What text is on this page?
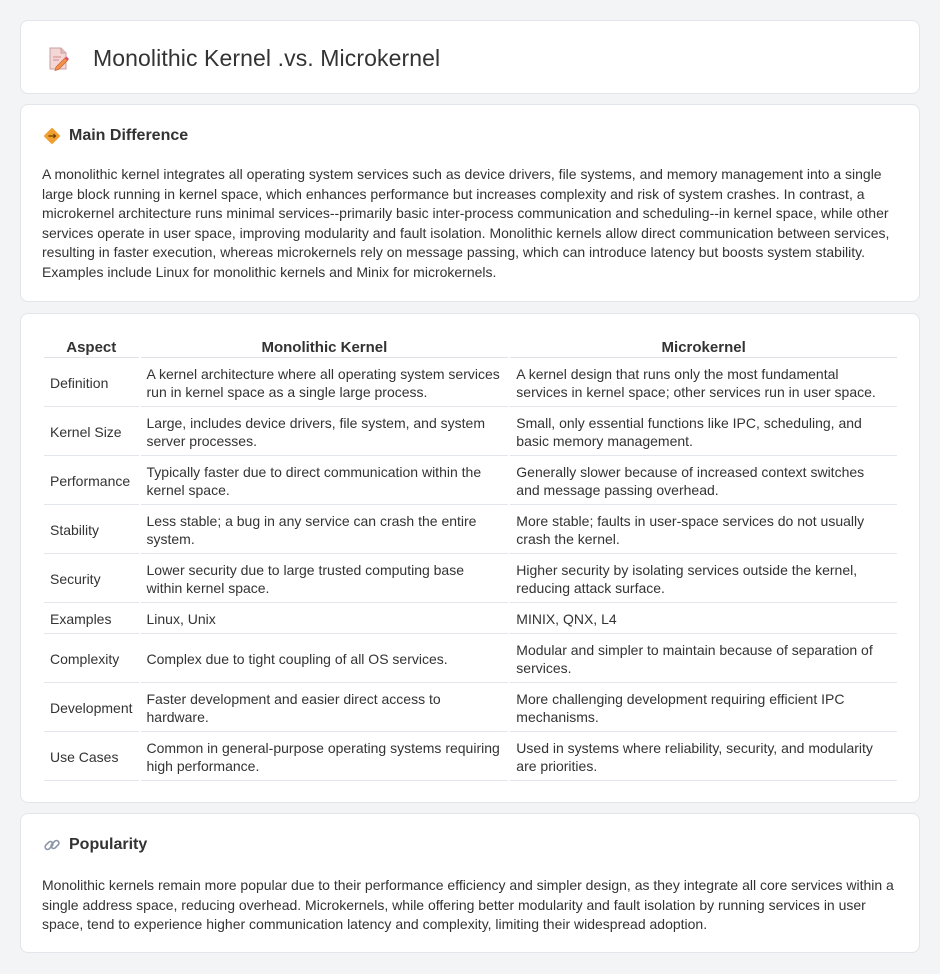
Monolithic Kernel .vs. Microkernel
Main Difference

A monolithic kernel integrates all operating system services such as device drivers, file systems, and memory management into a single large block running in kernel space, which enhances performance but increases complexity and risk of system crashes. In contrast, a microkernel architecture runs minimal services--primarily basic inter-process communication and scheduling--in kernel space, while other services operate in user space, improving modularity and fault isolation. Monolithic kernels allow direct communication between services, resulting in faster execution, whereas microkernels rely on message passing, which can introduce latency but boosts system stability. Examples include Linux for monolithic kernels and Minix for microkernels.

Aspect	Monolithic Kernel	Microkernel
Definition	A kernel architecture where all operating system services run in kernel space as a single large process.	A kernel design that runs only the most fundamental services in kernel space; other services run in user space.
Kernel Size	Large, includes device drivers, file system, and system server processes.	Small, only essential functions like IPC, scheduling, and basic memory management.
Performance	Typically faster due to direct communication within the kernel space.	Generally slower because of increased context switches and message passing overhead.
Stability	Less stable; a bug in any service can crash the entire system.	More stable; faults in user-space services do not usually crash the kernel.
Security	Lower security due to large trusted computing base within kernel space.	Higher security by isolating services outside the kernel, reducing attack surface.
Examples	Linux, Unix	MINIX, QNX, L4
Complexity	Complex due to tight coupling of all OS services.	Modular and simpler to maintain because of separation of services.
Development	Faster development and easier direct access to hardware.	More challenging development requiring efficient IPC mechanisms.
Use Cases	Common in general-purpose operating systems requiring high performance.	Used in systems where reliability, security, and modularity are priorities.
Popularity

Monolithic kernels remain more popular due to their performance efficiency and simpler design, as they integrate all core services within a single address space, reducing overhead. Microkernels, while offering better modularity and fault isolation by running services in user space, tend to experience higher communication latency and complexity, limiting their widespread adoption.
